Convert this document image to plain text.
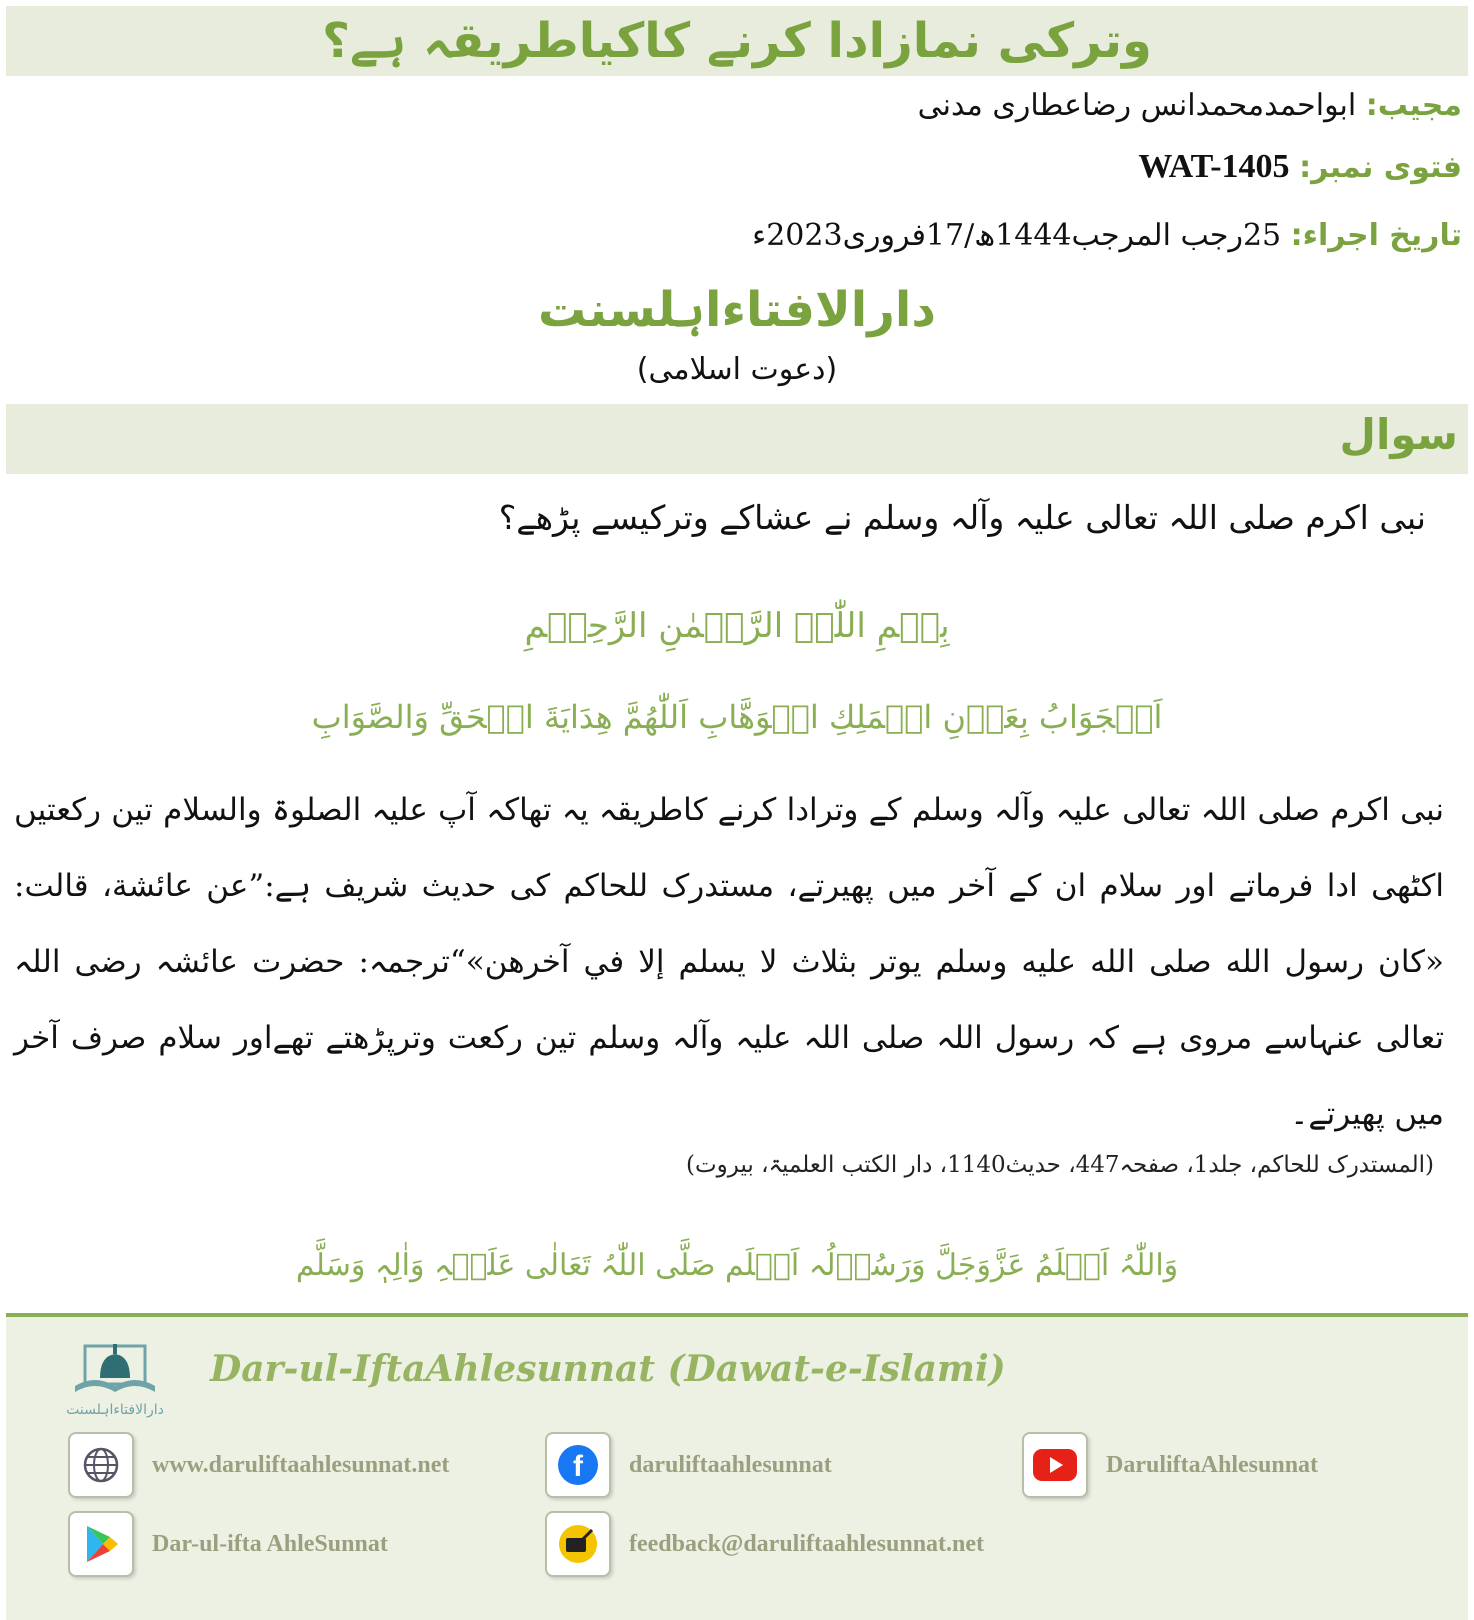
وترکی نمازادا کرنے کاکیاطریقہ ہے؟
مجیب: ابواحمدمحمدانس رضاعطاری مدنی
فتوی نمبر: WAT-1405
تاریخ اجراء: 25رجب المرجب1444ھ/17فروری2023ء
دارالافتاءاہلسنت
(دعوت اسلامی)
سوال
نبی اکرم صلی اللہ تعالی علیہ وآلہ وسلم نے عشاکے وترکیسے پڑھے؟
بِسۡمِ اللّٰہِ الرَّحۡمٰنِ الرَّحِیۡمِ
اَلۡجَوَابُ بِعَوۡنِ الۡمَلِكِ الۡوَهَّابِ اَللّٰهُمَّ هِدَايَةَ الۡحَقِّ وَالصَّوَابِ
نبی اکرم صلی اللہ تعالی علیہ وآلہ وسلم کے وترادا کرنے کاطریقہ یہ تھاکہ آپ علیہ الصلوۃ والسلام تین رکعتیں اکٹھی ادا فرماتے اور سلام ان کے آخر میں پھیرتے، مستدرک للحاکم کی حدیث شریف ہے:”عن عائشة، قالت: «كان رسول الله صلى الله عليه وسلم يوتر بثلاث لا يسلم إلا في آخرهن»“ترجمہ: حضرت عائشہ رضی اللہ تعالی عنہاسے مروی ہے کہ رسول اللہ صلی اللہ علیہ وآلہ وسلم تین رکعت وترپڑھتے تھےاور سلام صرف آخر میں پھیرتے۔
(المستدرک للحاکم، جلد1، صفحہ447، حدیث1140، دار الکتب العلمیۃ، بیروت)
وَاللّٰہُ اَعۡلَمُ عَزَّوَجَلَّ وَرَسُوۡلُہ اَعۡلَم صَلَّی اللّٰہُ تَعَالٰی عَلَیۡہِ وَاٰلِہٖ وَسَلَّم
دارالافتاءاہلسنت
Dar-ul-IftaAhlesunnat (Dawat-e-Islami)
www.daruliftaahlesunnat.net	f daruliftaahlesunnat	DaruliftaAhlesunnat
Dar-ul-ifta AhleSunnat	feedback@daruliftaahlesunnat.net
